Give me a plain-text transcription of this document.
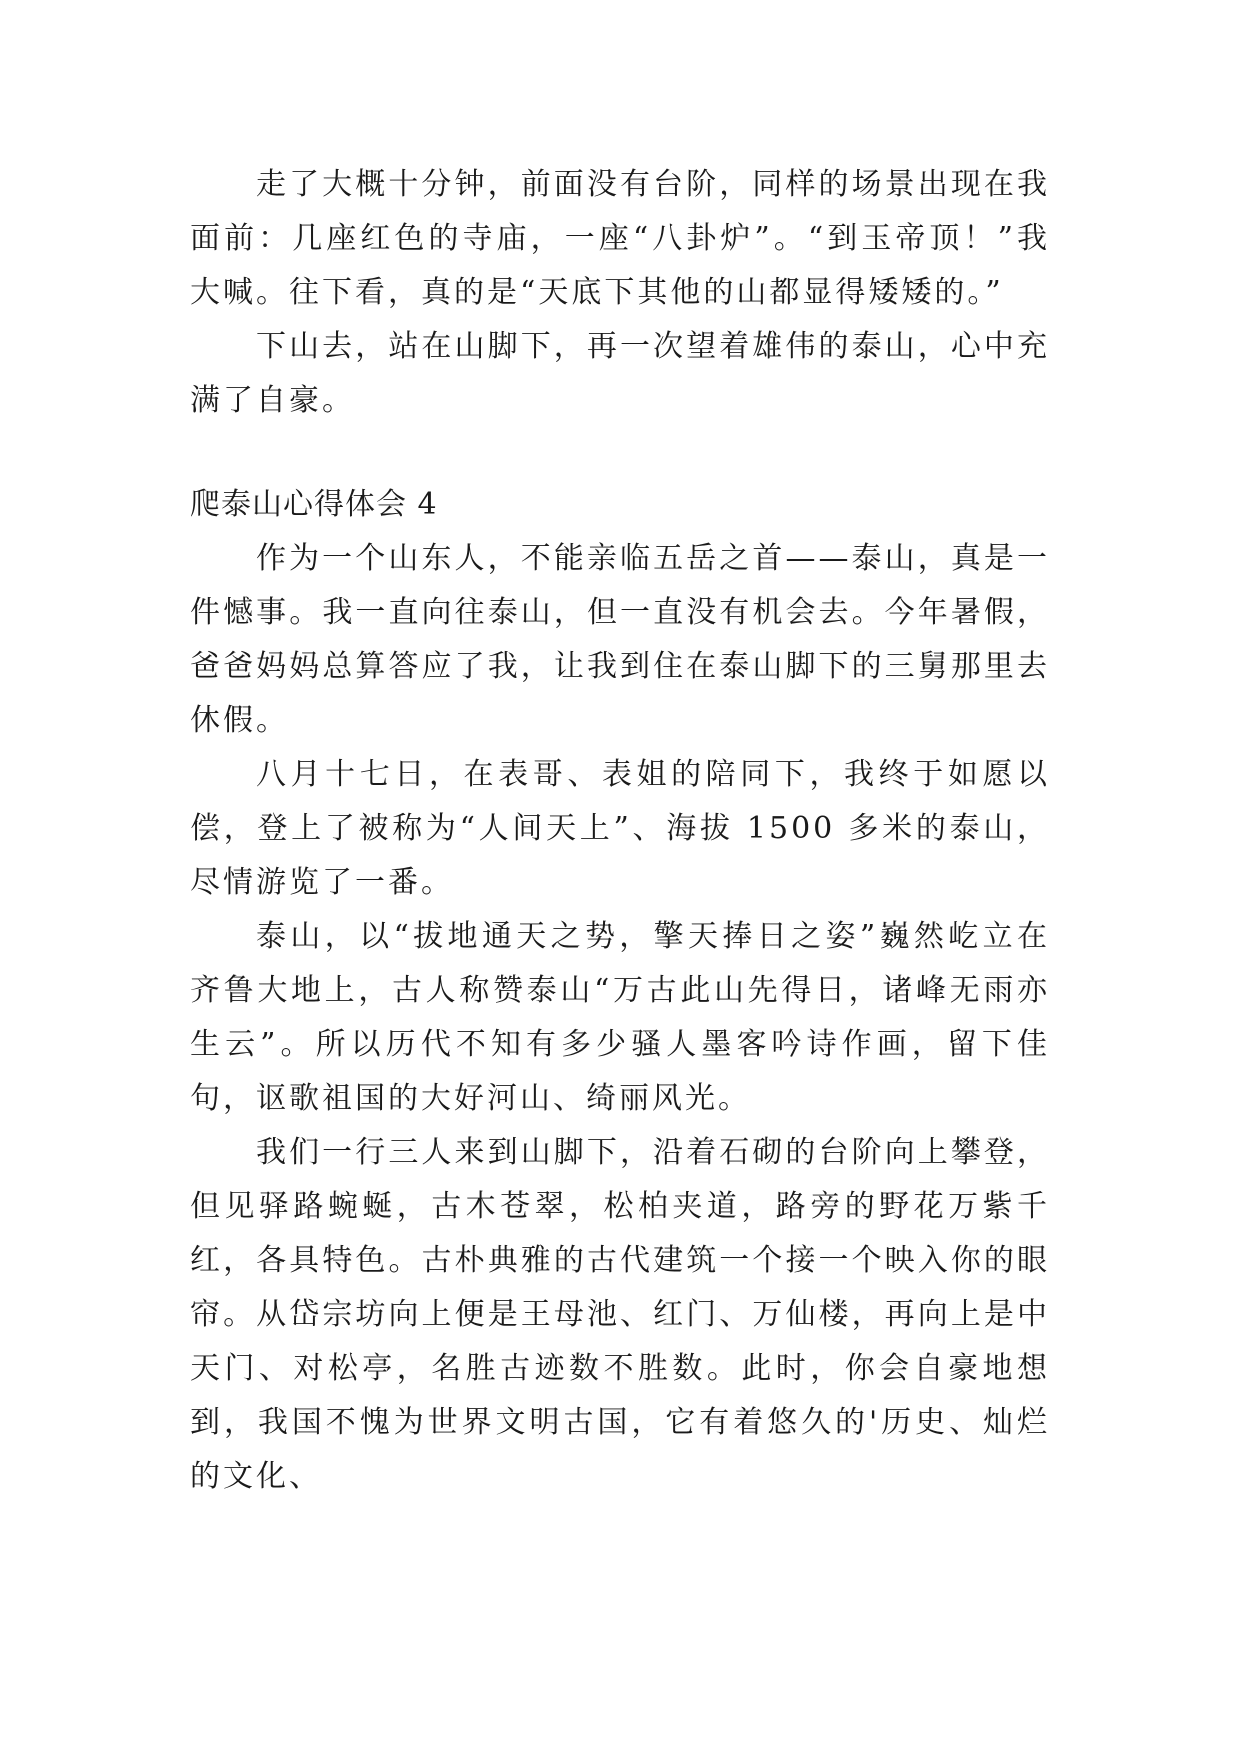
走了大概十分钟，前面没有台阶，同样的场景出现在我面前：几座红色的寺庙，一座“八卦炉”。“到玉帝顶！”我大喊。往下看，真的是“天底下其他的山都显得矮矮的。”

下山去，站在山脚下，再一次望着雄伟的泰山，心中充满了自豪。

爬泰山心得体会 4

作为一个山东人，不能亲临五岳之首——泰山，真是一件憾事。我一直向往泰山，但一直没有机会去。今年暑假，爸爸妈妈总算答应了我，让我到住在泰山脚下的三舅那里去休假。

八月十七日，在表哥、表姐的陪同下，我终于如愿以偿，登上了被称为“人间天上”、海拔 1500 多米的泰山，尽情游览了一番。

泰山，以“拔地通天之势，擎天捧日之姿”巍然屹立在齐鲁大地上，古人称赞泰山“万古此山先得日，诸峰无雨亦生云”。所以历代不知有多少骚人墨客吟诗作画，留下佳句，讴歌祖国的大好河山、绮丽风光。

我们一行三人来到山脚下，沿着石砌的台阶向上攀登，但见驿路蜿蜒，古木苍翠，松柏夹道，路旁的野花万紫千红，各具特色。古朴典雅的古代建筑一个接一个映入你的眼帘。从岱宗坊向上便是王母池、红门、万仙楼，再向上是中天门、对松亭，名胜古迹数不胜数。此时，你会自豪地想到，我国不愧为世界文明古国，它有着悠久的'历史、灿烂的文化、
